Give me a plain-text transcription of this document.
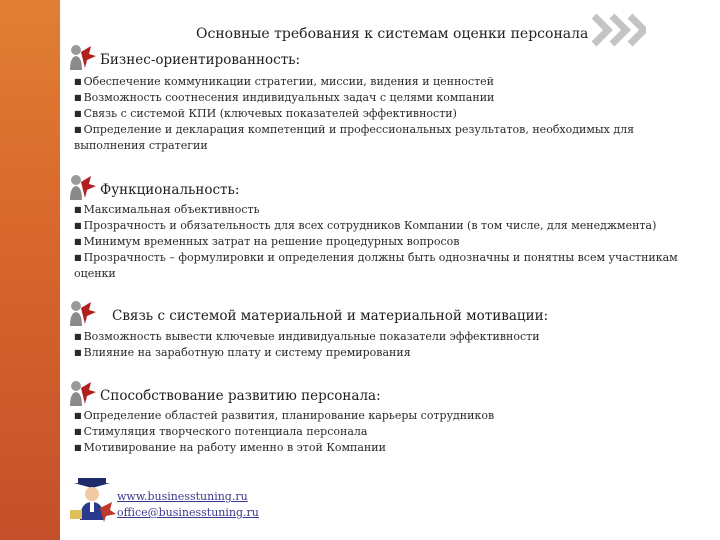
Основные требования к системам оценки персонала
Бизнес-ориентированность:
■ Обеспечение коммуникации стратегии, миссии, видения и ценностей
■ Возможность соотнесения индивидуальных задач с целями компании
■ Связь с системой КПИ (ключевых показателей эффективности)
■ Определение и декларация компетенций и профессиональных результатов, необходимых для выполнения стратегии
Функциональность:
■ Максимальная объективность
■ Прозрачность и обязательность для всех сотрудников Компании (в том числе, для менеджмента)
■ Минимум временных затрат на решение процедурных вопросов
■ Прозрачность – формулировки и определения должны быть однозначны и понятны всем участникам оценки
Связь с системой материальной и материальной мотивации:
■ Возможность вывести ключевые индивидуальные показатели эффективности
■ Влияние на заработную плату и систему премирования
Способствование развитию персонала:
■ Определение областей развития, планирование карьеры сотрудников
■ Стимуляция творческого потенциала персонала
■ Мотивирование на работу именно в этой Компании
www.businesstuning.ru
office@businesstuning.ru
